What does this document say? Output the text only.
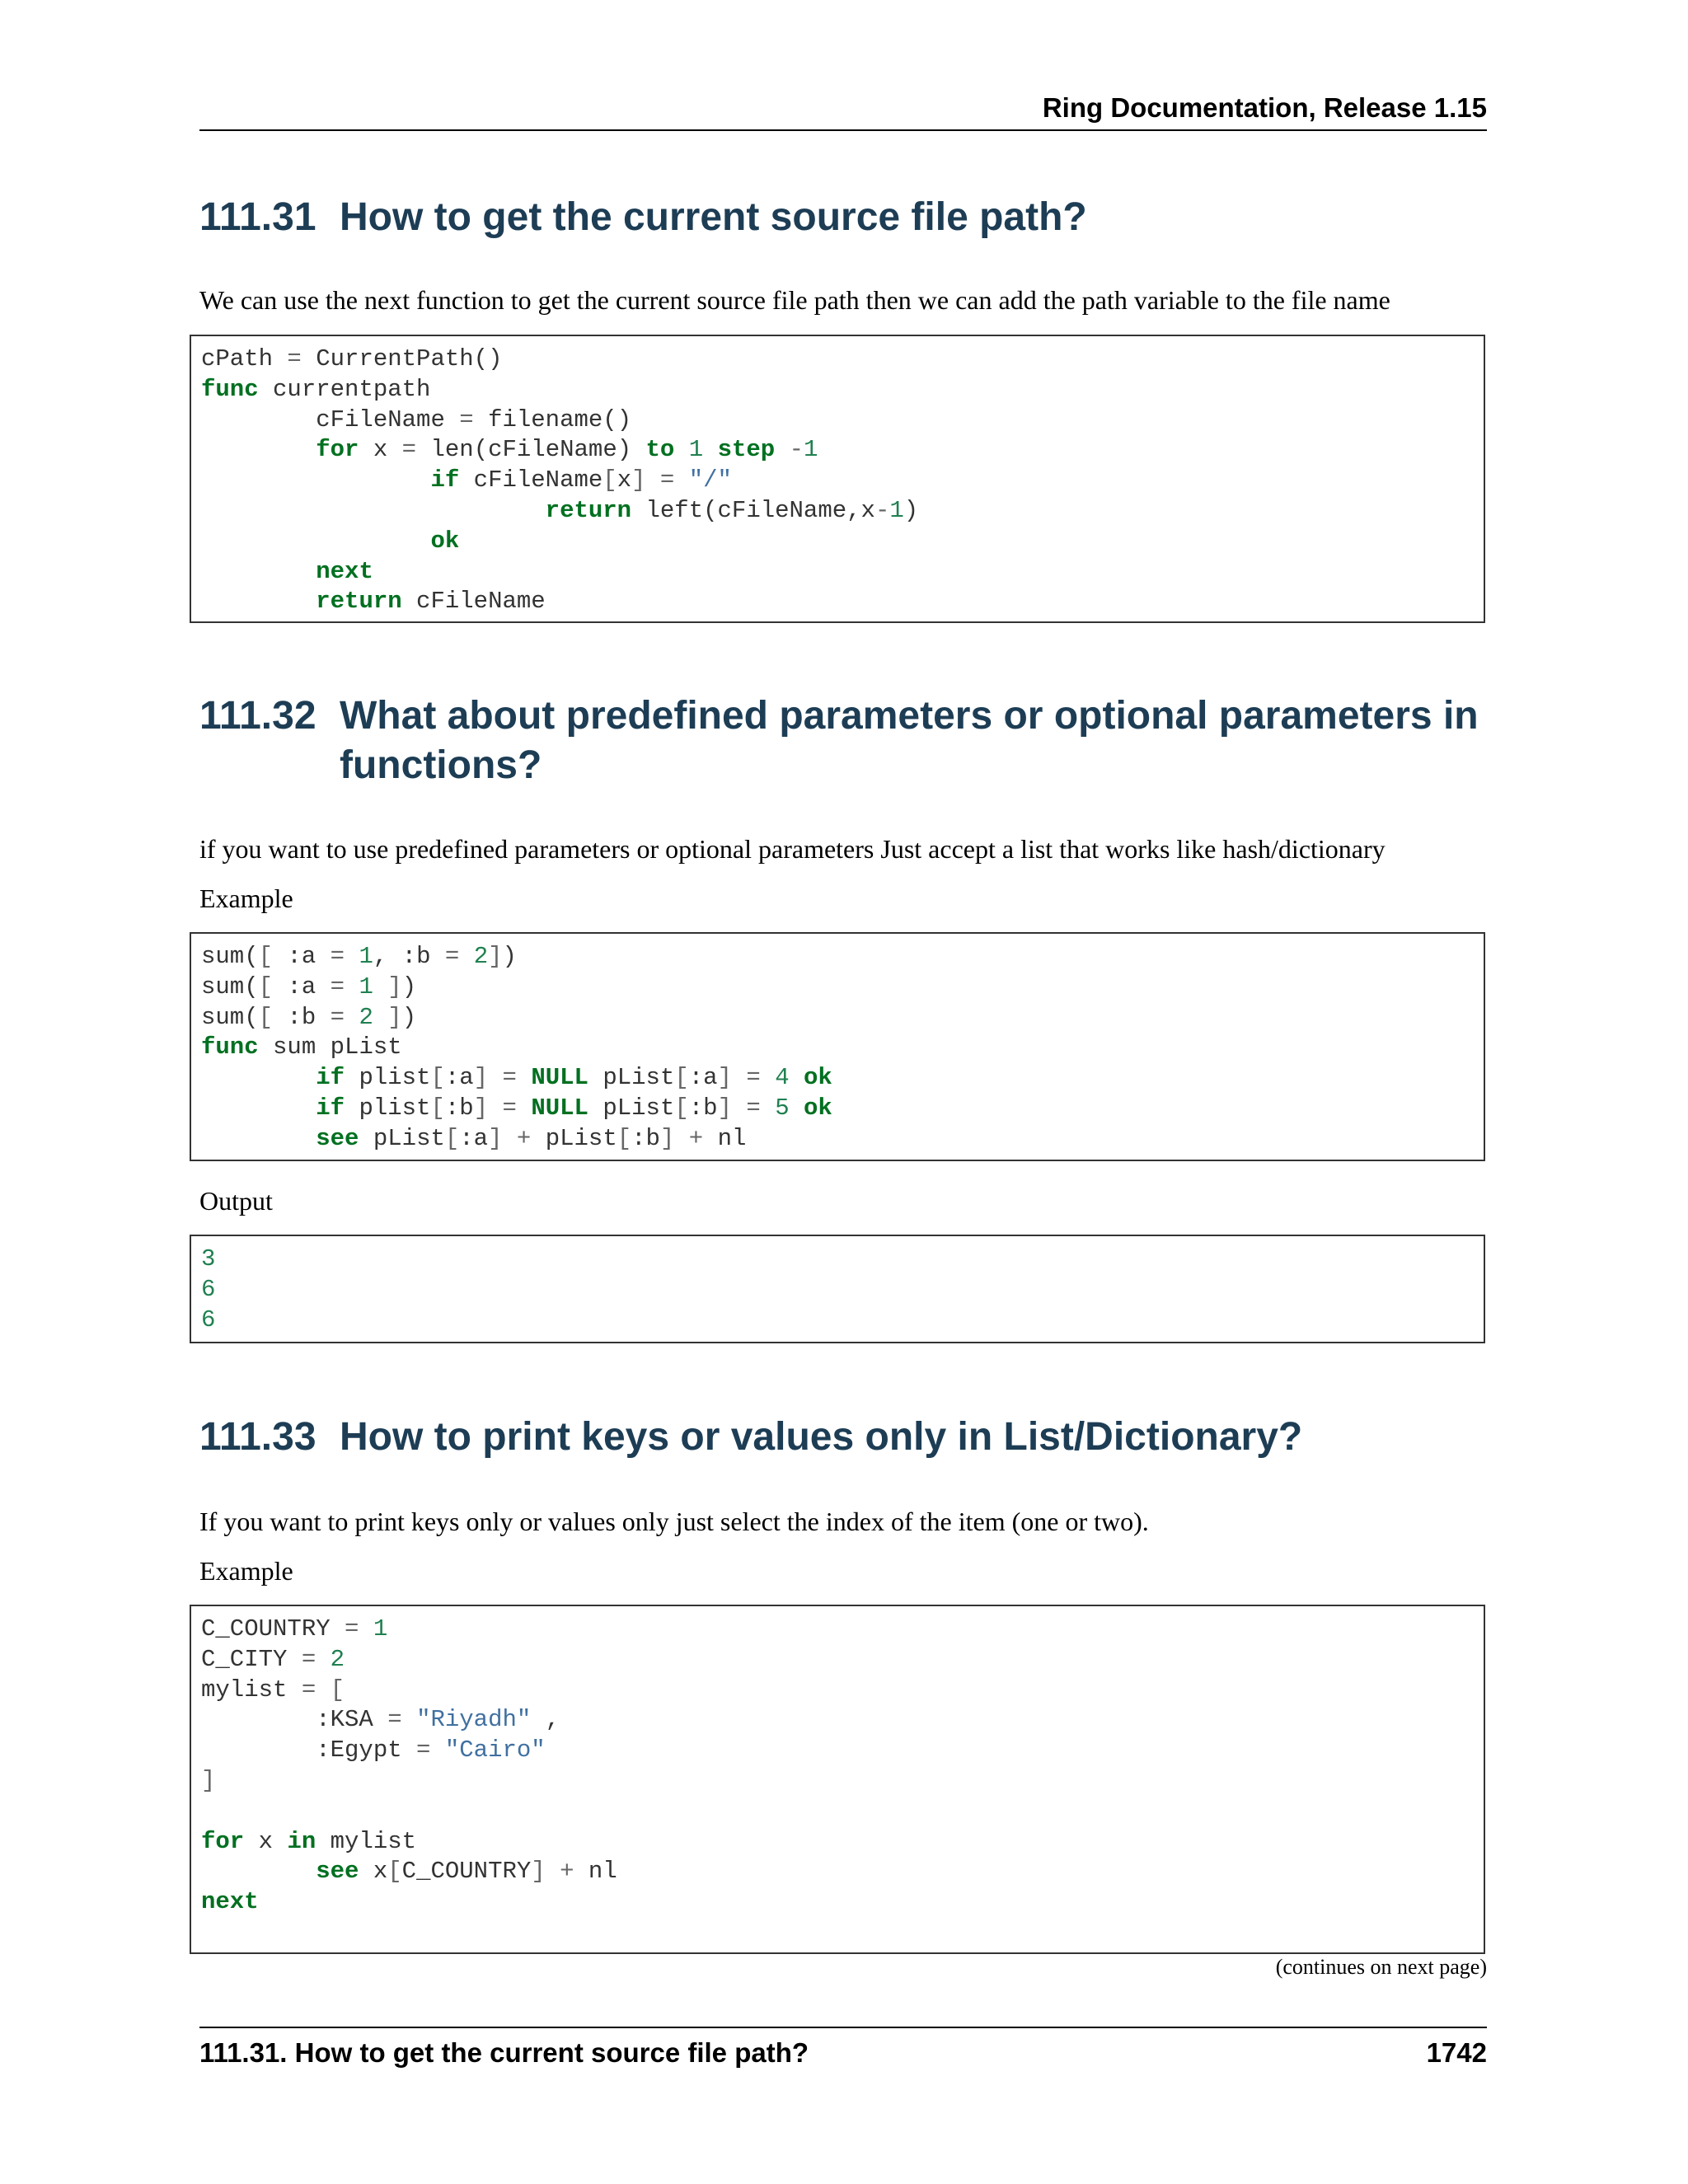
Ring Documentation, Release 1.15
111.31 How to get the current source file path?

We can use the next function to get the current source file path then we can add the path variable to the file name

cPath = CurrentPath()
func currentpath
cFileName = filename()
for x = len(cFileName) to 1 step -1
if cFileName[x] = "/"
return left(cFileName,x-1)
ok
next
return cFileName
111.32 What about predefined parameters or optional parameters in functions?

if you want to use predefined parameters or optional parameters Just accept a list that works like hash/dictionary

Example

sum([ :a = 1, :b = 2])
sum([ :a = 1 ])
sum([ :b = 2 ])
func sum pList
if plist[:a] = NULL pList[:a] = 4 ok
if plist[:b] = NULL pList[:b] = 5 ok
see pList[:a] + pList[:b] + nl

Output

3
6
6
111.33 How to print keys or values only in List/Dictionary?

If you want to print keys only or values only just select the index of the item (one or two).

Example

C_COUNTRY = 1
C_CITY = 2
mylist = [
:KSA = "Riyadh" ,
:Egypt = "Cairo"
]

for x in mylist
see x[C_COUNTRY] + nl
next
(continues on next page)
111.31. How to get the current source file path?	1742
